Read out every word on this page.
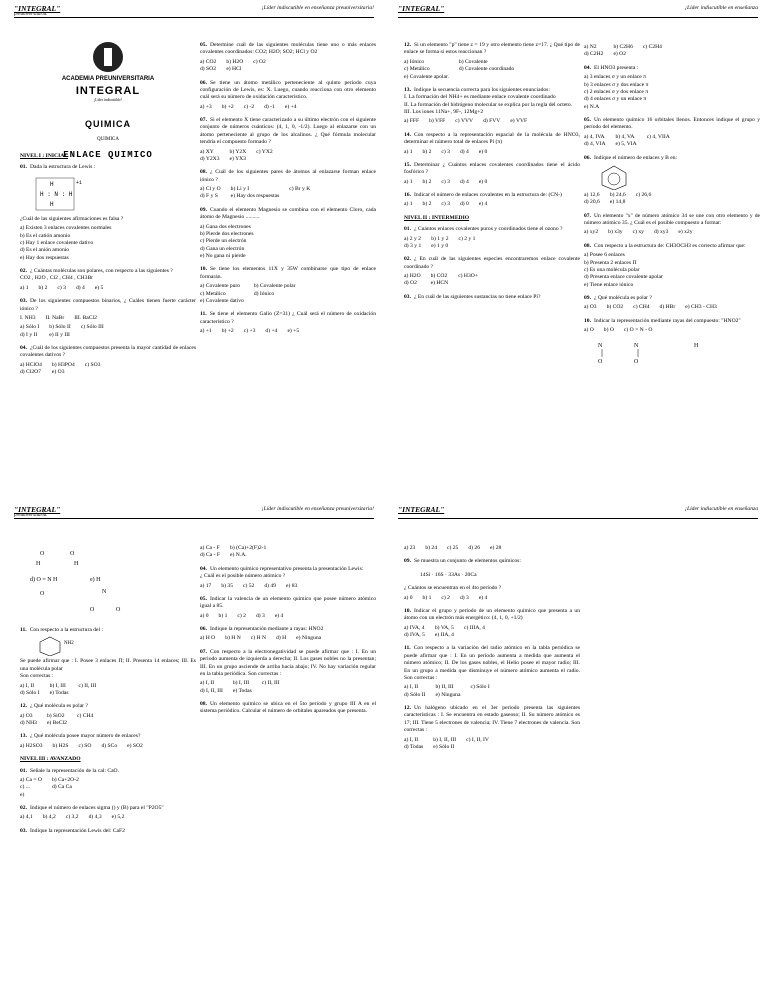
"INTEGRAL"
preuniversitaria.
¡Líder indiscutible en enseñanza preuniversitaria!
ACADEMIA PREUNIVERSITARIA
INTEGRAL
¡Líder indiscutible!
QUIMICA
QUIMICA
ENLACE QUIMICO
NIVEL I : INICIAL
01. Dada la estructura de Lewis :
H
H : N : H
H
+1
¿Cuál de las siguientes afirmaciones es falsa ?
a) Existen 3 enlaces covalentes normales
b) Es el catión amonio
c) Hay 1 enlace covalente dativo
d) Es el anión amonio
e) Hay dos respuestas
02. ¿ Cuántas moléculas son polares, con respecto a las siguientes ?
CO2 , H2O , Cl2 , CH4 , CH3Br
a) 1 b) 2 c) 3 d) 4 e) 5
03. De los siguientes compuestos binarios, ¿ Cuáles tienen fuerte carácter iónico ?
I. NH3 II. NaBr III. BaCl2
a) Sólo I b) Sólo II c) Sólo III
d) I y II	e) II y III
04. ¿Cuál de los siguientes compuestos presenta la mayor cantidad de enlaces covalentes dativos ?
a) HClO4 b) H3PO4 c) SO3
d) Cl2O7 e) O3
05. Determine cuál de las siguientes moléculas tiene uno o más enlaces covalentes coordinados: CO2; H2O; SO2; HCl y O2
a) CO2 b) H2O c) O2
d) SO2 e) HCl
06. Se tiene un átomo metálico perteneciente al quinto período cuya configuración de Lewis, es: X. Luego, cuando reacciona con otro elemento cuál será su número de oxidación característico.
a) +3 b) +2 c) -2 d) -1 e) +4
07. Si el elemento X tiene caracterizado a su último electrón con el siguiente conjunto de números cuánticos: (4, 1, 0, -1/2). Luego al enlazarse con un átomo perteneciente al grupo de los alcalinos. ¿ Qué fórmula molecular tendría el compuesto formado ?
a) XY	b) Y2X c) YX2
d) Y2X3 e) YX3
08. ¿ Cuál de los siguientes pares de átomos al enlazarse forman enlace iónico ?
a) Cl y O b) Li y I	c) Br y K
d) F y S	e) Hay dos respuestas
09. Cuando el elemento Magnesio se combina con el elemento Cloro, cada átomo de Magnesio ..........
a) Gana dos electrones
b) Pierde dos electrones
c) Pierde un electrón
d) Gana un electrón
e) No gana ni pierde
10. Se tiene los elementos 11X y 35W combinarse que tipo de enlace formarán.
a) Covalente puro	b) Covalente polar
c) Metálico	d) Iónico
e) Covalente dativo
11. Se tiene el elemento Galio (Z=31) ¿ Cuál será el número de oxidación característico ?
a) +1 b) +2 c) +3 d) +4 e) +5
"INTEGRAL"	¡Líder indiscutible en enseñanza
12. Si un elemento "p" tiene z = 19 y otro elemento tiene z=17. ¿ Qué tipo de enlace se forma si estos reaccionan ?
a) Iónico	b) Covalente
c) Metálico	d) Covalente coordinado
e) Covalente apolar.
13. Indique la secuencia correcta para los siguientes enunciados:
I. La formación del NH4+ es mediante enlace covalente coordinado
II. La formación del hidrógeno molecular se explica por la regla del octeto.
III. Los iones 11Na+, 9F-, 12Mg+2
a) FFF b) VFF c) VVV d) FVV e) VVF
14. Con respecto a la representación espacial de la molécula de HNO3, determinar el número total de enlaces Pi (π)
a) 1 b) 2 c) 3 d) 4 e) 0
15. Determinar ¿ Cuántos enlaces covalentes coordinados tiene el ácido fosfórico ?
a) 1 b) 2 c) 3 d) 4 e) 0
16. Indicar el número de enlaces covalentes en la estructura de: (CN-)
a) 1 b) 2 c) 3 d) 0 e) 4
NIVEL II : INTERMEDIO
01. ¿ Cuántos enlaces covalentes puros y coordinados tiene el ozono ?
a) 2 y 2 b) 1 y 2 c) 2 y 1
d) 3 y 1 e) 1 y 0
02. ¿ En cuál de las siguientes especies encontraremos enlace covalente coordinado ?
a) H2O b) CO2 c) H3O+
d) O2	e) HCN
03. ¿ En cuál de las siguientes sustancias no tiene enlace Pi?
a) N2	b) C2H6 c) C2H4
d) C2H2 e) O2
04. El HNO3 presenta :
a) 3 enlaces σ y un enlace π
b) 3 enlaces σ y dos enlace π
c) 2 enlaces σ y dos enlace π
d) 4 enlaces σ y un enlace π
e) N.A
05. Un elemento químico 16 orbitales llenos. Entonces indique el grupo y período del elemento.
a) 4, IVA b) 4, VA	c) 4, VIIA
d) 4, VIA e) 5, VIA
06. Indique el número de enlaces y B en:
a) 12,6 b) 24,6 c) 26,6
d) 20,6 e) 14,8
07. Un elemento "x" de número atómico 34 se une con otro elemento y de número atómico 35. ¿ Cuál es el posible compuesto a formar:
a) xy2 b) x3y c) xy d) xy3 e) x2y
08. Con respecto a la estructura de: CH3OCH3 es correcto afirmar que:
a) Posee 6 enlaces
b) Presenta 2 enlaces Π
c) Es una molécula polar
d) Presenta enlace covalente apolar
e) Tiene enlace iónico
09. ¿ Qué molécula es polar ?
a) O3 b) CO2 c) CH4 d) HBr e) CH3 - CH3
10. Indicar la representación mediante rayas del compuesto: "HNO2"
a) O b) O c) O = N - O
N	N
O	O
H
"INTEGRAL"
preuniversitaria.
¡Líder indiscutible en enseñanza preuniversitaria!
O	O
H	H
d) O = N H	e) H
N
O
O	O
11. Con respecto a la estructura del :
NH2
Se puede afirmar que : I. Posee 3 enlaces Π; II. Presenta 14 enlaces; III. Es una molécula polar
Son correctas :
a) I, II	b) I, III	c) II, III
d) Sólo I e) Todas
12. ¿ Qué molécula es polar ?
a) O3	b) SiO2	c) CH4
d) NH3 e) BeCl2
13. ¿ Qué molécula posee mayor número de enlaces?
a) H2SO3 b) H2S c) SO d) SCo e) SO2
NIVEL III : AVANZADO
01. Señale la representación de la cal: CaO.
a) Ca = O b) Ca+2O-2
c) ...	d) Ca Ca
e)
02. Indique el número de enlaces sigma () y (B) para el "P2O5"
a) 4,1 b) 4,2 c) 3,2 d) 4,3 e) 5,2
03. Indique la representación Lewis del: CaF2
a) Ca - F b) (Ca)+2(F)2-1
d) Ca - F e) N.A.
04. Un elemento químico representativo presenta la presentación Lewis:
¿ Cuál es el posible número atómico ?
a) 17 b) 35 c) 52 d) 49 e) 83
05. Indicar la valencia de un elemento químico que posee número atómico igual a 85.
a) 0 b) 1 c) 2 d) 3 e) 4
06. Indique la representación mediante a rayas: HNO2
a) H O b) H N c) H N d) H e) Ninguna
07. Con respecto a la electronegatividad se puede afirmar que : I. En un periodo aumenta de izquierda a derecha; II. Los gases nobles no la presentan; III. En un grupo asciende de arriba hacia abajo; IV. No hay variación regular en la tabla periódica. Son correctas :
a) I, II	b) I, III	c) II, III
d) I, II, III e) Todas
08. Un elemento químico se ubica en el 5to periodo y grupo III A en el sistema periódico. Calcular el número de orbitales apareados que presenta.
"INTEGRAL"	¡Líder indiscutible en enseñanza
a) 23 b) 24 c) 25 d) 26 e) 28
09. Se muestra un conjunto de elementos químicos:
14Si · 16S · 33As · 20Ca
¿ Cuántos se encuentran en el 4to período ?
a) 0 b) 1 c) 2 d) 3 e) 4
10. Indicar el grupo y período de un elemento químico que presenta a un átomo con un electrón más energético: (4, 1, 0, +1/2)
a) IVA, 4 b) VA, 5 c) IIIA, 4
d) IVA, 5 e) IIA, 4
11. Con respecto a la variación del radio atómico en la tabla periódica se puede afirmar que : I. En un periodo aumenta a medida que aumenta el número atómico; II. De los gases nobles, el Helio posee el mayor radio; III. En un grupo a medida que disminuye el número atómico aumenta el radio. Son correctas :
a) I, II	b) II, III	c) Sólo I
d) Sólo II e) Ninguna
12. Un halógeno ubicado en el 3er periodo presenta las siguientes características : I. Se encuentra en estado gaseoso; II. Su número atómico es 17; III. Tiene 5 electrones de valencia; IV. Tiene 7 electrones de valencia. Son correctas :
a) I, II	b) I, II, III c) I, II, IV
d) Todas e) Sólo II
